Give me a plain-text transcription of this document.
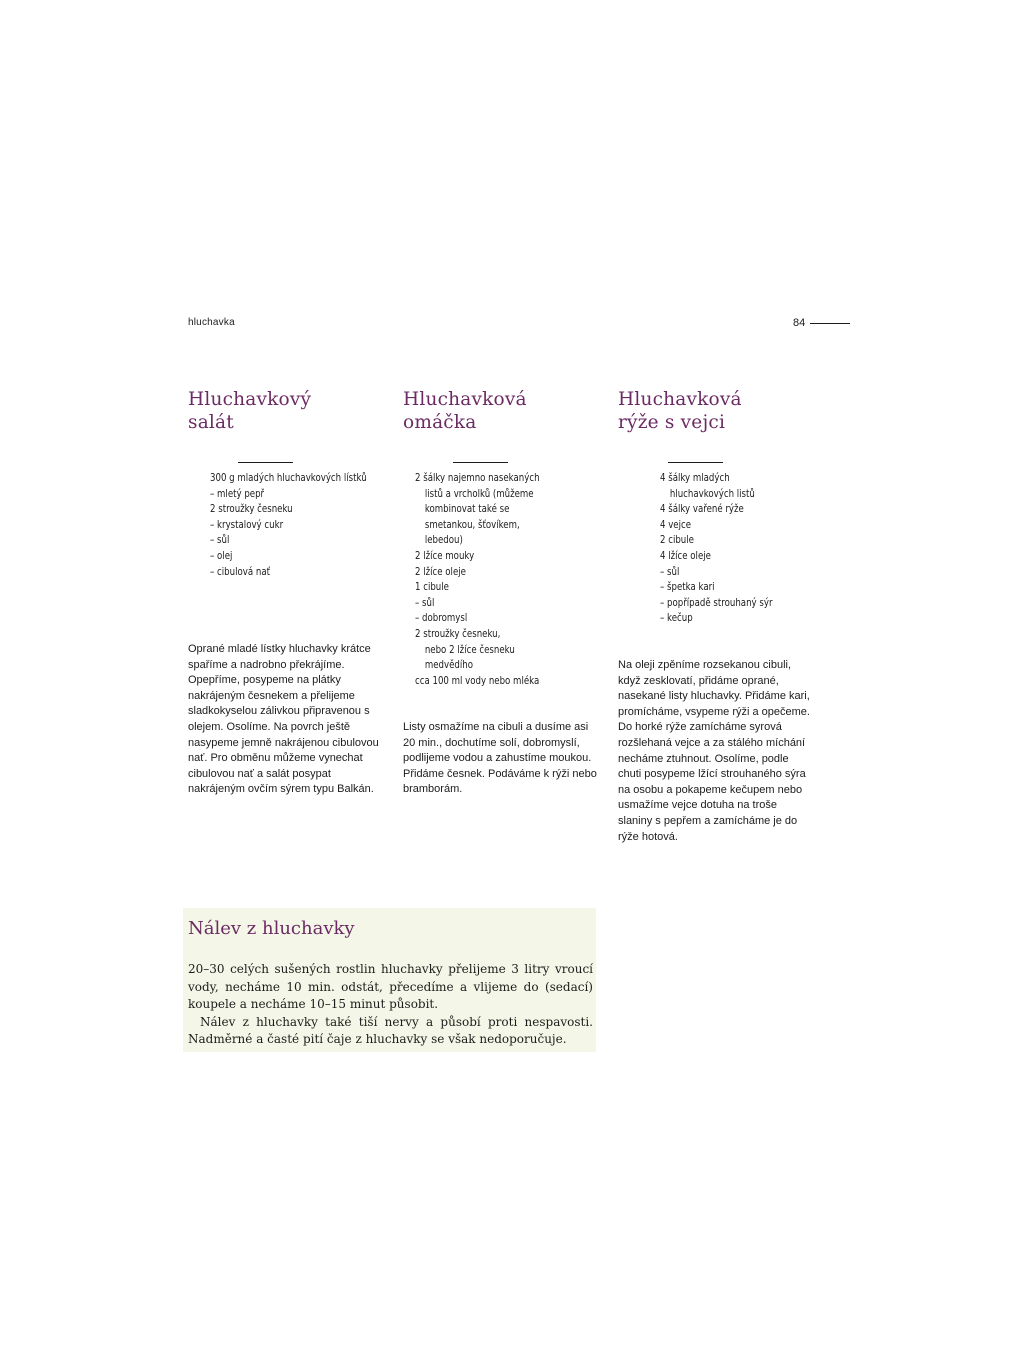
hluchavka	84
Hluchavkový
salát
300 g mladých hluchavkových lístků
– mletý pepř
2 stroužky česneku
– krystalový cukr
– sůl
– olej
– cibulová nať

Oprané mladé lístky hluchavky krátce spaříme a nadrobno překrájíme. Opepříme, posypeme na plátky nakrájeným česnekem a přelijeme sladkokyselou zálivkou připravenou s olejem. Osolíme. Na povrch ještě nasypeme jemně nakrájenou cibulovou nať. Pro obměnu můžeme vynechat cibulovou nať a salát posypat nakrájeným ovčím sýrem typu Balkán.

Hluchavková
omáčka
2 šálky najemno nasekaných
listů a vrcholků (můžeme
kombinovat také se
smetankou, šťovíkem,
lebedou)
2 lžíce mouky
2 lžíce oleje
1 cibule
– sůl
– dobromysl
2 stroužky česneku,
nebo 2 lžíce česneku
medvědího
cca 100 ml vody nebo mléka

Listy osmažíme na cibuli a dusíme asi 20 min., dochutíme solí, dobromyslí, podlijeme vodou a zahustíme moukou. Přidáme česnek. Podáváme k rýži nebo bramborám.

Hluchavková
rýže s vejci
4 šálky mladých
hluchavkových listů
4 šálky vařené rýže
4 vejce
2 cibule
4 lžíce oleje
– sůl
– špetka kari
– popřípadě strouhaný sýr
– kečup

Na oleji zpěníme rozsekanou cibuli, když zesklovatí, přidáme oprané, nasekané listy hluchavky. Přidáme kari, promícháme, vsypeme rýži a opečeme. Do horké rýže zamícháme syrová rozšlehaná vejce a za stálého míchání necháme ztuhnout. Osolíme, podle chuti posypeme lžící strouhaného sýra na osobu a pokapeme kečupem nebo usmažíme vejce dotuha na troše slaniny s pepřem a zamícháme je do rýže hotová.

Nálev z hluchavky

20–30 celých sušených rostlin hluchavky přelijeme 3 litry vroucí vody, necháme 10 min. odstát, přecedíme a vlijeme do (sedací) koupele a necháme 10–15 minut působit.

Nálev z hluchavky také tiší nervy a působí proti nespavosti. Nadměrné a časté pití čaje z hluchavky se však nedoporučuje.
